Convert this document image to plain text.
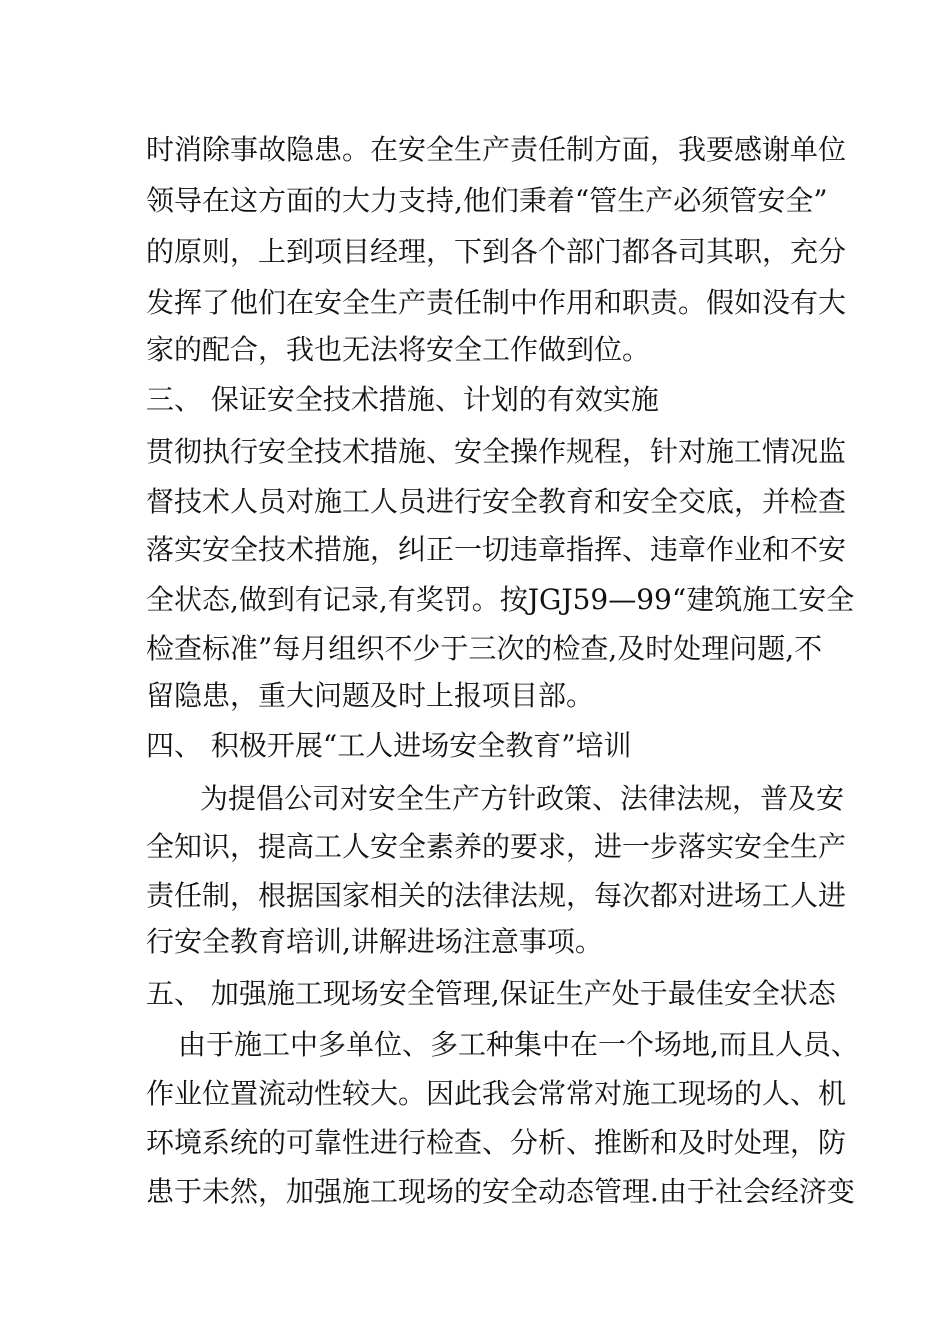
时消除事故隐患。在安全生产责任制方面，我要感谢单位
领导在这方面的大力支持,他们秉着“管生产必须管安全”
的原则，上到项目经理，下到各个部门都各司其职，充分
发挥了他们在安全生产责任制中作用和职责。假如没有大
家的配合，我也无法将安全工作做到位。
三、 保证安全技术措施、计划的有效实施
贯彻执行安全技术措施、安全操作规程，针对施工情况监
督技术人员对施工人员进行安全教育和安全交底，并检查
落实安全技术措施，纠正一切违章指挥、违章作业和不安
全状态,做到有记录,有奖罚。按JGJ59—99“建筑施工安全
检查标准”每月组织不少于三次的检查,及时处理问题,不
留隐患，重大问题及时上报项目部。
四、 积极开展“工人进场安全教育”培训
为提倡公司对安全生产方针政策、法律法规，普及安
全知识，提高工人安全素养的要求，进一步落实安全生产
责任制，根据国家相关的法律法规，每次都对进场工人进
行安全教育培训,讲解进场注意事项。
五、 加强施工现场安全管理,保证生产处于最佳安全状态
由于施工中多单位、多工种集中在一个场地,而且人员、
作业位置流动性较大。因此我会常常对施工现场的人、机
环境系统的可靠性进行检查、分析、推断和及时处理，防
患于未然，加强施工现场的安全动态管理.由于社会经济变
